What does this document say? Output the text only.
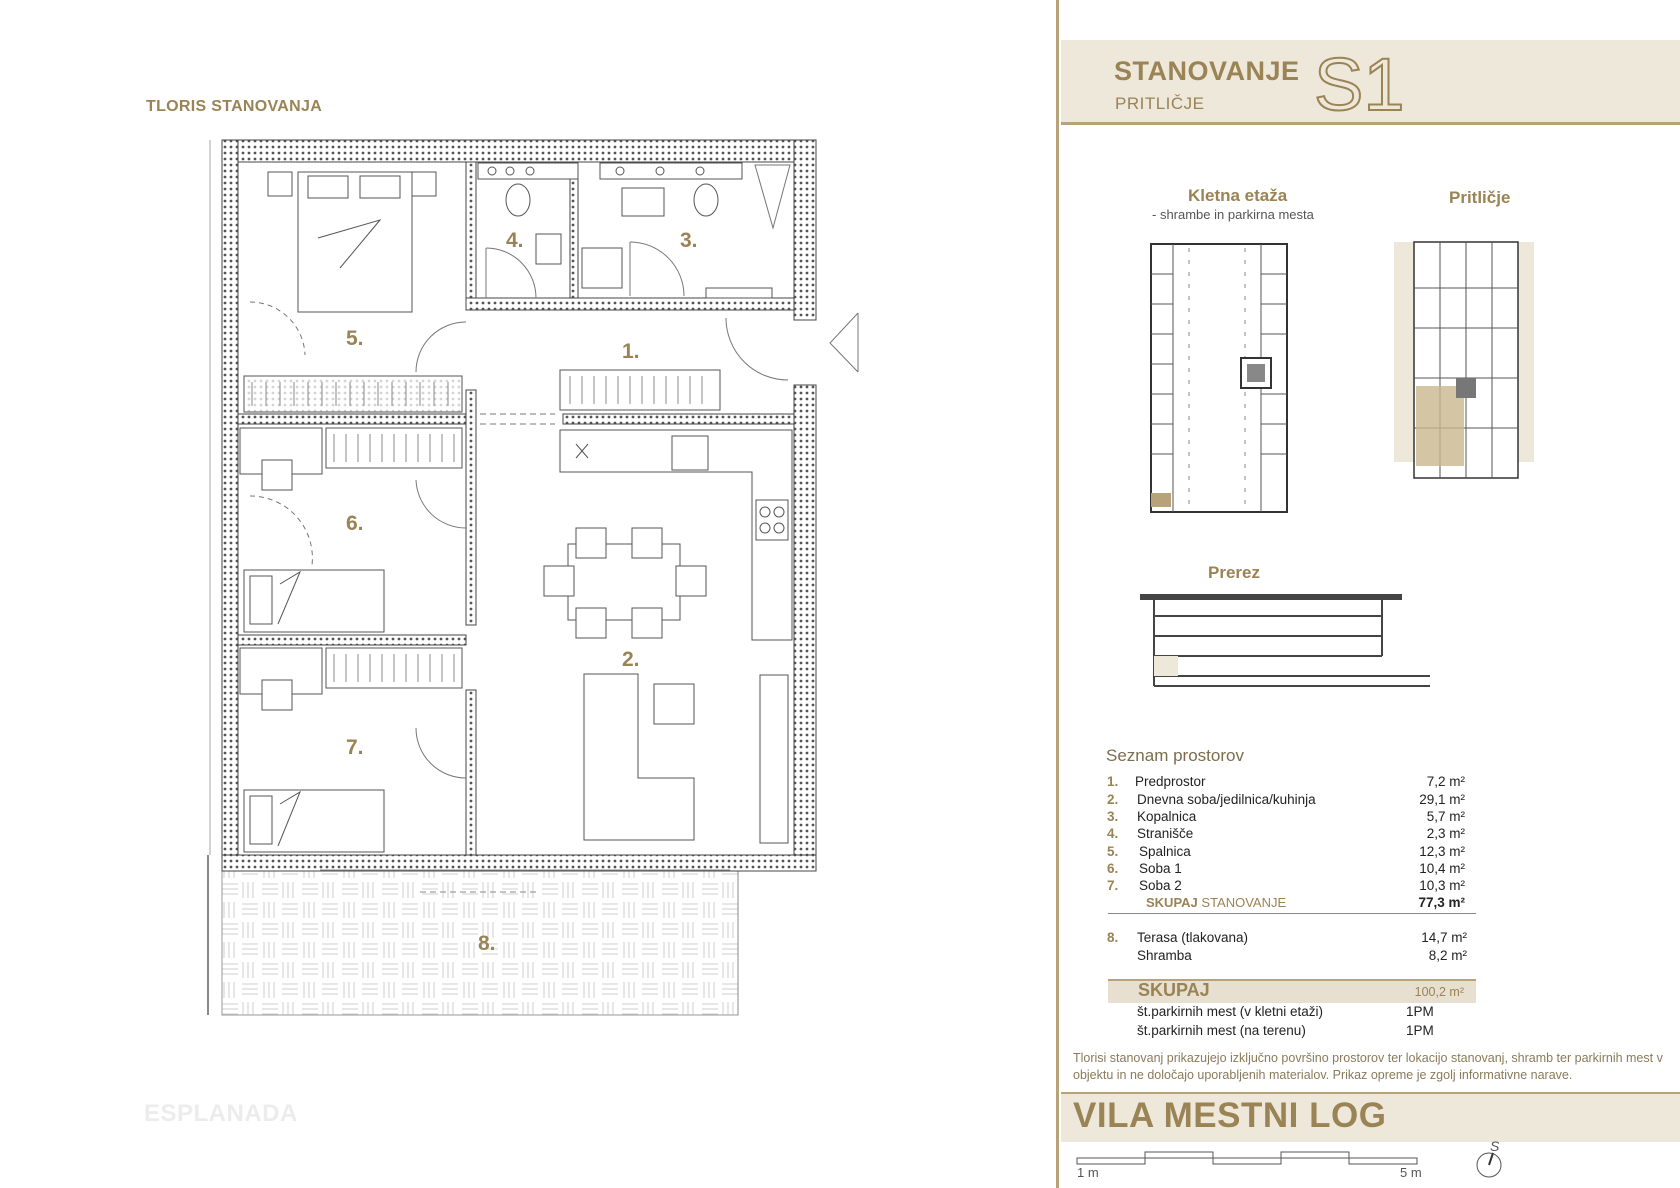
TLORIS STANOVANJA
1.
2.
3.
4.
5.
6.
7.
8.
ESPLANADA
STANOVANJE
PRITLIČJE S1
Kletna etaža
- shrambe in parkirna mesta
Pritličje
Prerez
Seznam prostorov
1. Predprostor	7,2 m²
2. Dnevna soba/jedilnica/kuhinja	29,1 m²
3. Kopalnica	5,7 m²
4. Stranišče	2,3 m²
5. Spalnica	12,3 m²
6. Soba 1	10,4 m²
7. Soba 2	10,3 m²
SKUPAJ STANOVANJE	77,3 m²
8. Terasa (tlakovana)	14,7 m²
Shramba	8,2 m²
SKUPAJ	100,2 m²
št.parkirnih mest (v kletni etaži)	1PM
št.parkirnih mest (na terenu)	1PM
Tlorisi stanovanj prikazujejo izključno površino prostorov ter lokacijo stanovanj, shramb ter parkirnih mest v objektu in ne določajo uporabljenih materialov. Prikaz opreme je zgolj informativne narave.
VILA MESTNI LOG
1 m	5 m
S
